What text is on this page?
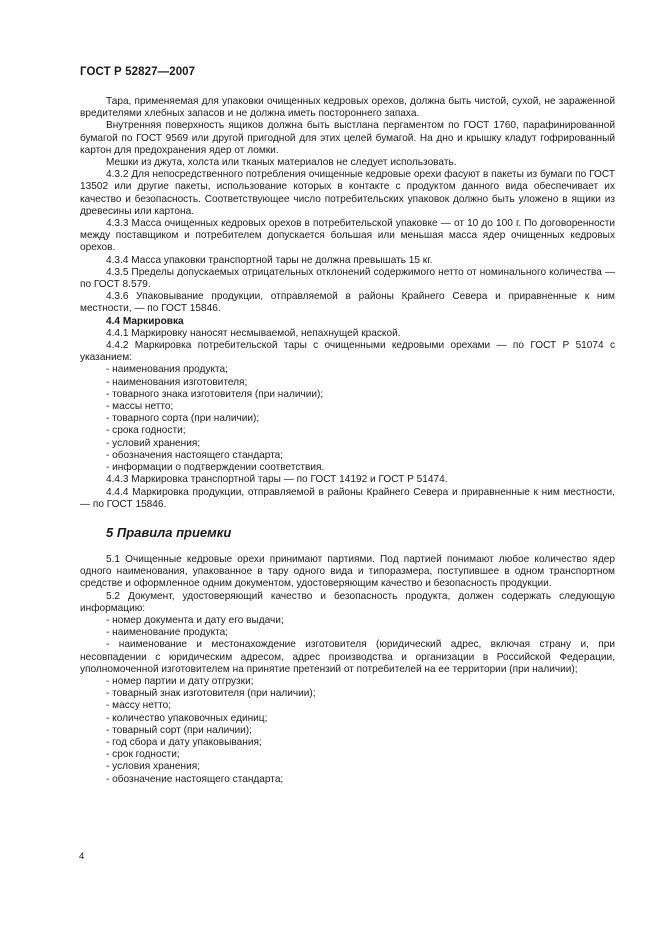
ГОСТ Р 52827—2007

Тара, применяемая для упаковки очищенных кедровых орехов, должна быть чистой, сухой, не зараженной вредителями хлебных запасов и не должна иметь постороннего запаха.

Внутренняя поверхность ящиков должна быть выстлана пергаментом по ГОСТ 1760, парафинированной бумагой по ГОСТ 9569 или другой пригодной для этих целей бумагой. На дно и крышку кладут гофрированный картон для предохранения ядер от ломки.

Мешки из джута, холста или тканых материалов не следует использовать.

4.3.2 Для непосредственного потребления очищенные кедровые орехи фасуют в пакеты из бумаги по ГОСТ 13502 или другие пакеты, использование которых в контакте с продуктом данного вида обеспечивает их качество и безопасность. Соответствующее число потребительских упаковок должно быть уложено в ящики из древесины или картона.

4.3.3 Масса очищенных кедровых орехов в потребительской упаковке — от 10 до 100 г. По договоренности между поставщиком и потребителем допускается большая или меньшая масса ядер очищенных кедровых орехов.

4.3.4 Масса упаковки транспортной тары не должна превышать 15 кг.

4.3.5 Пределы допускаемых отрицательных отклонений содержимого нетто от номинального количества — по ГОСТ 8.579.

4.3.6 Упаковывание продукции, отправляемой в районы Крайнего Севера и приравненные к ним местности, — по ГОСТ 15846.

4.4 Маркировка

4.4.1 Маркировку наносят несмываемой, непахнущей краской.

4.4.2 Маркировка потребительской тары с очищенными кедровыми орехами — по ГОСТ Р 51074 с указанием:

- наименования продукта;

- наименования изготовителя;

- товарного знака изготовителя (при наличии);

- массы нетто;

- товарного сорта (при наличии);

- срока годности;

- условий хранения;

- обозначения настоящего стандарта;

- информации о подтверждении соответствия.

4.4.3 Маркировка транспортной тары — по ГОСТ 14192 и ГОСТ Р 51474.

4.4.4 Маркировка продукции, отправляемой в районы Крайнего Севера и приравненные к ним местности, — по ГОСТ 15846.

5 Правила приемки

5.1 Очищенные кедровые орехи принимают партиями. Под партией понимают любое количество ядер одного наименования, упакованное в тару одного вида и типоразмера, поступившее в одном транспортном средстве и оформленное одним документом, удостоверяющим качество и безопасность продукции.

5.2 Документ, удостоверяющий качество и безопасность продукта, должен содержать следующую информацию:

- номер документа и дату его выдачи;

- наименование продукта;

- наименование и местонахождение изготовителя (юридический адрес, включая страну и, при несовпадении с юридическим адресом, адрес производства и организации в Российской Федерации, уполномоченной изготовителем на принятие претензий от потребителей на ее территории (при наличии);

- номер партии и дату отгрузки;

- товарный знак изготовителя (при наличии);

- массу нетто;

- количество упаковочных единиц;

- товарный сорт (при наличии);

- год сбора и дату упаковывания;

- срок годности;

- условия хранения;

- обозначение настоящего стандарта;

4
